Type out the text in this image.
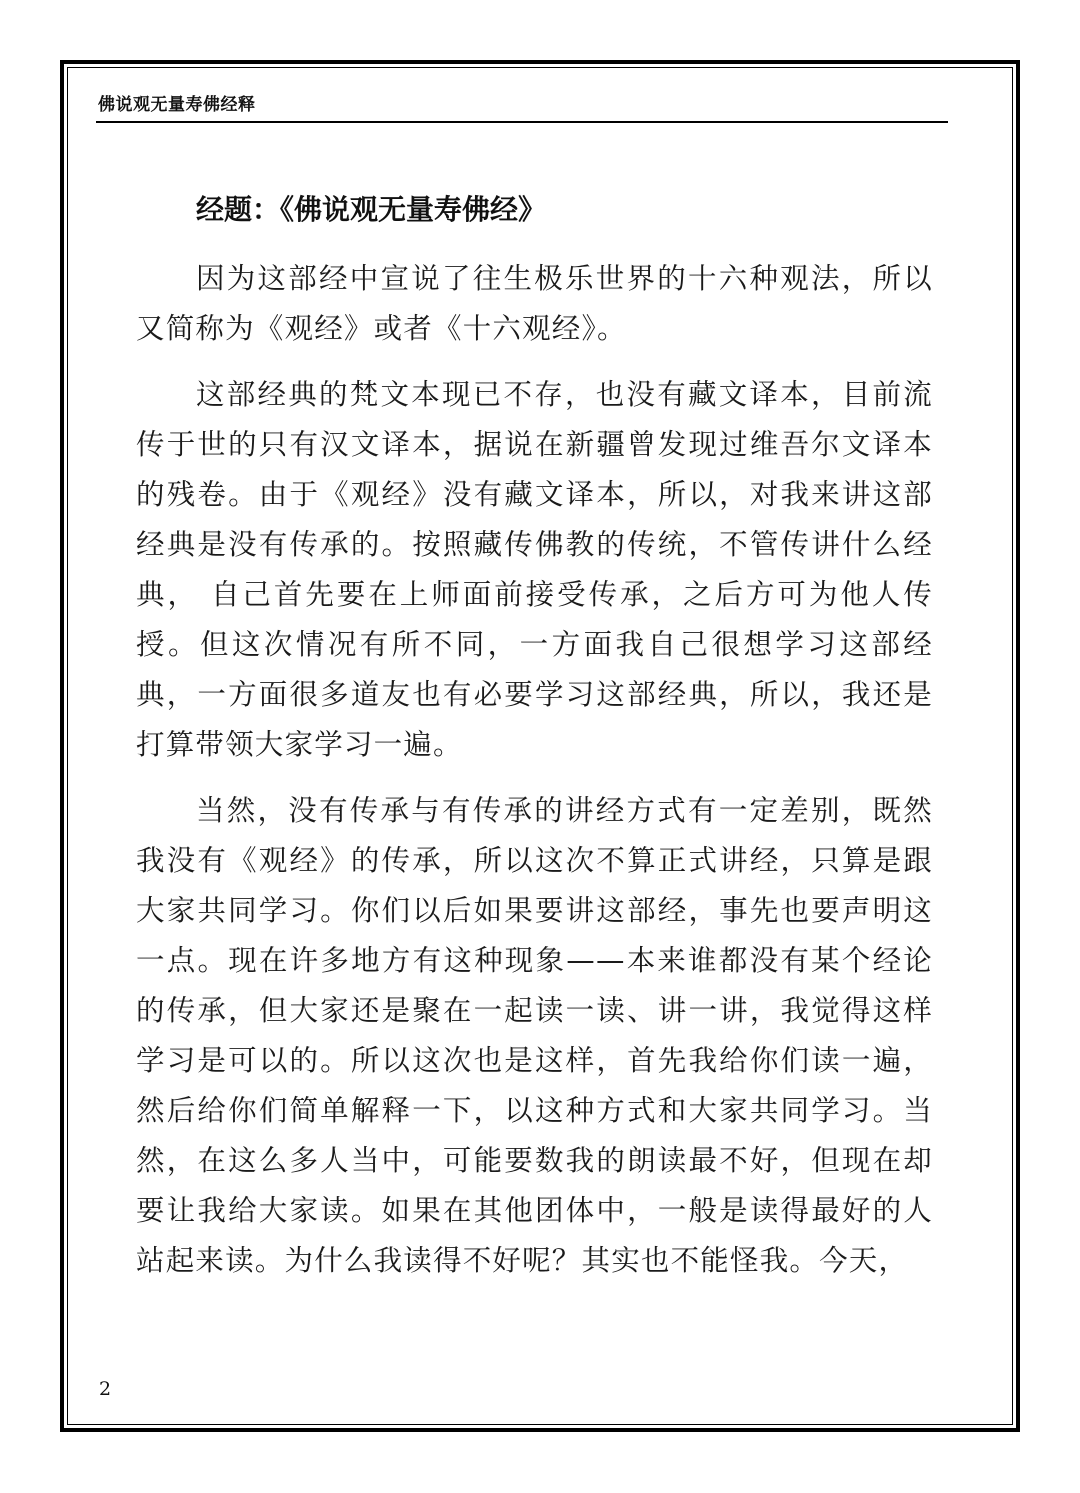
佛说观无量寿佛经释
经题：《佛说观无量寿佛经》

因为这部经中宣说了往生极乐世界的十六种观法，所以又简称为《观经》或者《十六观经》。

这部经典的梵文本现已不存，也没有藏文译本，目前流传于世的只有汉文译本，据说在新疆曾发现过维吾尔文译本的残卷。由于《观经》没有藏文译本，所以，对我来讲这部经典是没有传承的。按照藏传佛教的传统，不管传讲什么经典， 自己首先要在上师面前接受传承，之后方可为他人传授。但这次情况有所不同，一方面我自己很想学习这部经典，一方面很多道友也有必要学习这部经典，所以，我还是打算带领大家学习一遍。

当然，没有传承与有传承的讲经方式有一定差别，既然我没有《观经》的传承，所以这次不算正式讲经，只算是跟大家共同学习。你们以后如果要讲这部经，事先也要声明这一点。现在许多地方有这种现象——本来谁都没有某个经论的传承，但大家还是聚在一起读一读、讲一讲，我觉得这样学习是可以的。所以这次也是这样，首先我给你们读一遍，然后给你们简单解释一下，以这种方式和大家共同学习。当然，在这么多人当中，可能要数我的朗读最不好，但现在却要让我给大家读。如果在其他团体中，一般是读得最好的人站起来读。为什么我读得不好呢？其实也不能怪我。今天，

2
